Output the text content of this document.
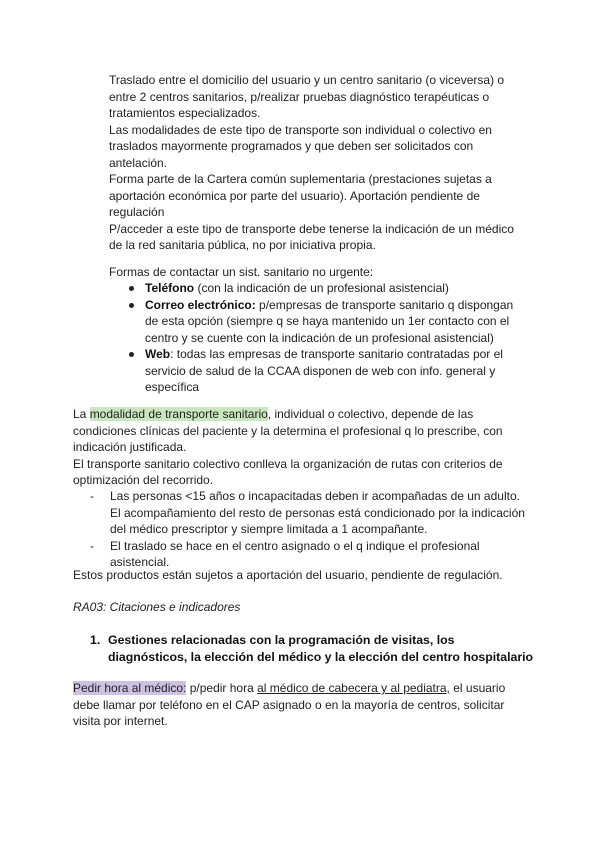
Traslado entre el domicilio del usuario y un centro sanitario (o viceversa) o
entre 2 centros sanitarios, p/realizar pruebas diagnóstico terapéuticas o
tratamientos especializados.
Las modalidades de este tipo de transporte son individual o colectivo en
traslados mayormente programados y que deben ser solicitados con
antelación.
Forma parte de la Cartera común suplementaria (prestaciones sujetas a
aportación económica por parte del usuario). Aportación pendiente de
regulación
P/acceder a este tipo de transporte debe tenerse la indicación de un médico
de la red sanitaria pública, no por iniciativa propia.
Formas de contactar un sist. sanitario no urgente:
Teléfono (con la indicación de un profesional asistencial)
Correo electrónico: p/empresas de transporte sanitario q dispongan
de esta opción (siempre q se haya mantenido un 1er contacto con el
centro y se cuente con la indicación de un profesional asistencial)
Web: todas las empresas de transporte sanitario contratadas por el
servicio de salud de la CCAA disponen de web con info. general y
específica
La modalidad de transporte sanitario, individual o colectivo, depende de las
condiciones clínicas del paciente y la determina el profesional q lo prescribe, con
indicación justificada.
El transporte sanitario colectivo conlleva la organización de rutas con criterios de
optimización del recorrido.
- Las personas <15 años o incapacitadas deben ir acompañadas de un adulto.
El acompañamiento del resto de personas está condicionado por la indicación
del médico prescriptor y siempre limitada a 1 acompañante.
- El traslado se hace en el centro asignado o el q indique el profesional
asistencial.
Estos productos están sujetos a aportación del usuario, pendiente de regulación.
RA03: Citaciones e indicadores
1. Gestiones relacionadas con la programación de visitas, los
diagnósticos, la elección del médico y la elección del centro hospitalario
Pedir hora al médico: p/pedir hora al médico de cabecera y al pediatra, el usuario
debe llamar por teléfono en el CAP asignado o en la mayoría de centros, solicitar
visita por internet.
